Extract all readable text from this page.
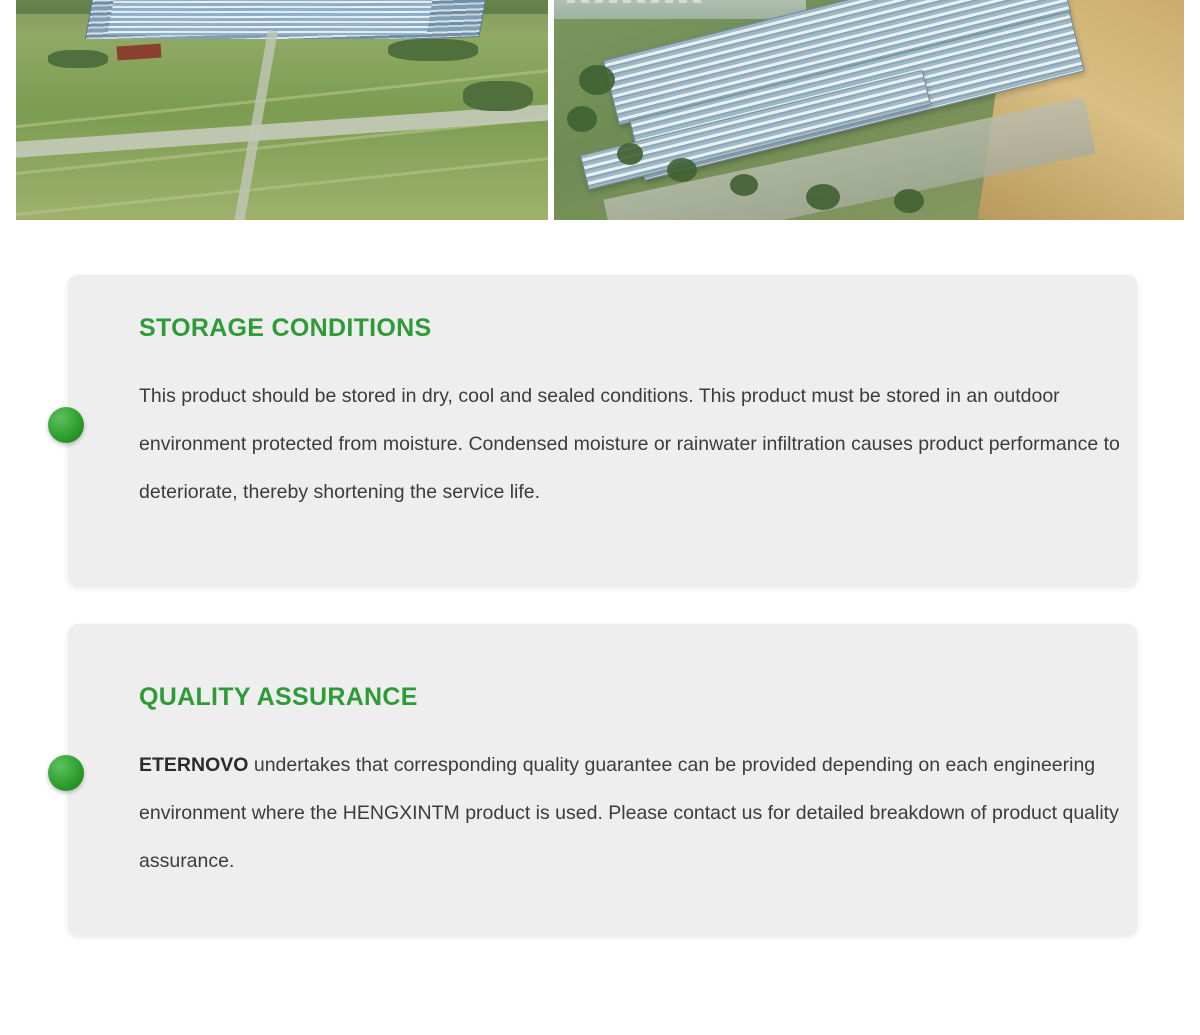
STORAGE CONDITIONS
This product should be stored in dry, cool and sealed conditions. This product must be stored in an outdoor environment protected from moisture. Condensed moisture or rainwater infiltration causes product performance to deteriorate, thereby shortening the service life.
QUALITY ASSURANCE
ETERNOVO undertakes that corresponding quality guarantee can be provided depending on each engineering environment where the HENGXINTM product is used. Please contact us for detailed breakdown of product quality assurance.
